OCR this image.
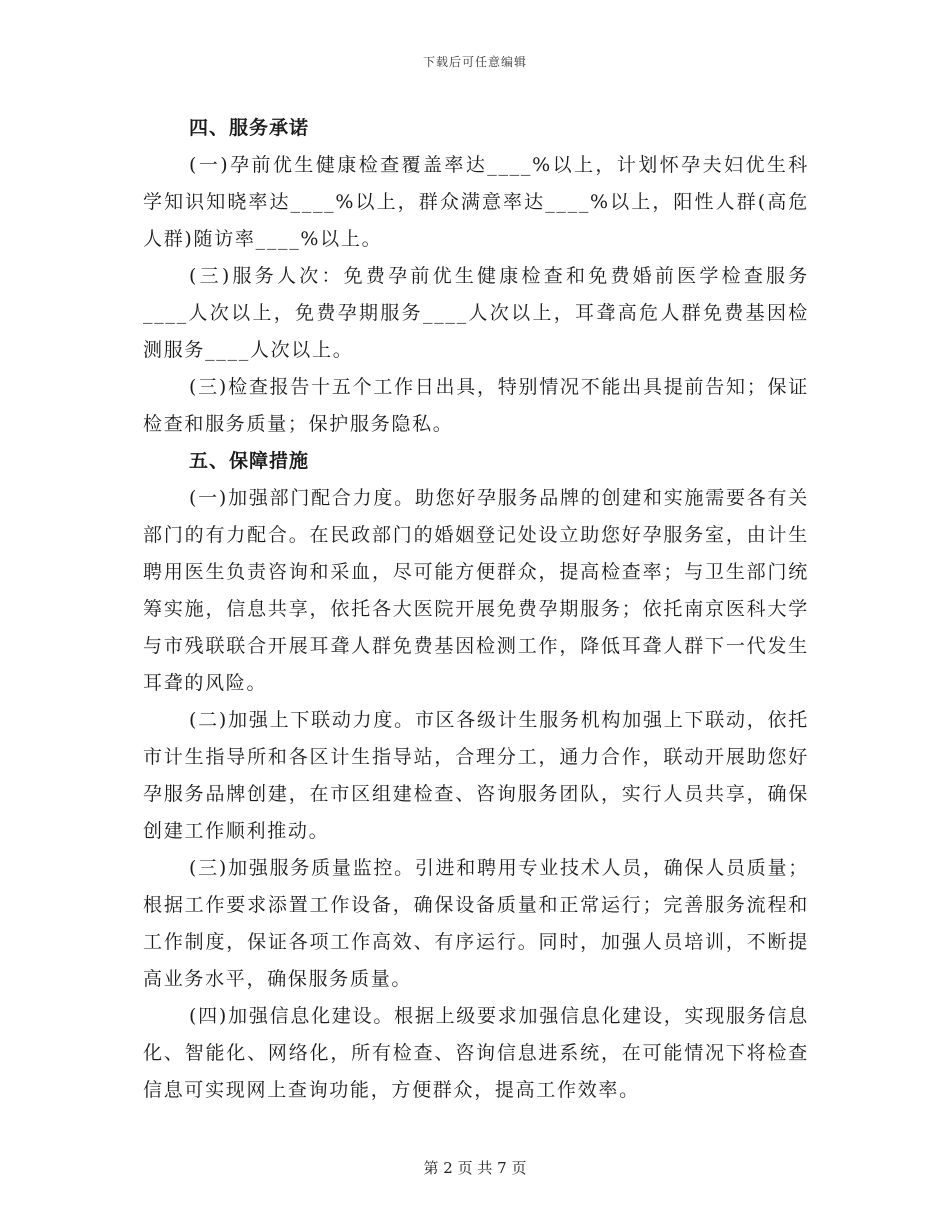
下载后可任意编辑
四、服务承诺

(一)孕前优生健康检查覆盖率达____%以上，计划怀孕夫妇优生科学知识知晓率达____%以上，群众满意率达____%以上，阳性人群(高危人群)随访率____%以上。

(三)服务人次：免费孕前优生健康检查和免费婚前医学检查服务____人次以上，免费孕期服务____人次以上，耳聋高危人群免费基因检测服务____人次以上。

(三)检查报告十五个工作日出具，特别情况不能出具提前告知；保证检查和服务质量；保护服务隐私。

五、保障措施

(一)加强部门配合力度。助您好孕服务品牌的创建和实施需要各有关部门的有力配合。在民政部门的婚姻登记处设立助您好孕服务室，由计生聘用医生负责咨询和采血，尽可能方便群众，提高检查率；与卫生部门统筹实施，信息共享，依托各大医院开展免费孕期服务；依托南京医科大学与市残联联合开展耳聋人群免费基因检测工作，降低耳聋人群下一代发生耳聋的风险。

(二)加强上下联动力度。市区各级计生服务机构加强上下联动，依托市计生指导所和各区计生指导站，合理分工，通力合作，联动开展助您好孕服务品牌创建，在市区组建检查、咨询服务团队，实行人员共享，确保创建工作顺利推动。

(三)加强服务质量监控。引进和聘用专业技术人员，确保人员质量；根据工作要求添置工作设备，确保设备质量和正常运行；完善服务流程和工作制度，保证各项工作高效、有序运行。同时，加强人员培训，不断提高业务水平，确保服务质量。

(四)加强信息化建设。根据上级要求加强信息化建设，实现服务信息化、智能化、网络化，所有检查、咨询信息进系统，在可能情况下将检查信息可实现网上查询功能，方便群众，提高工作效率。

第 2 页 共 7 页
